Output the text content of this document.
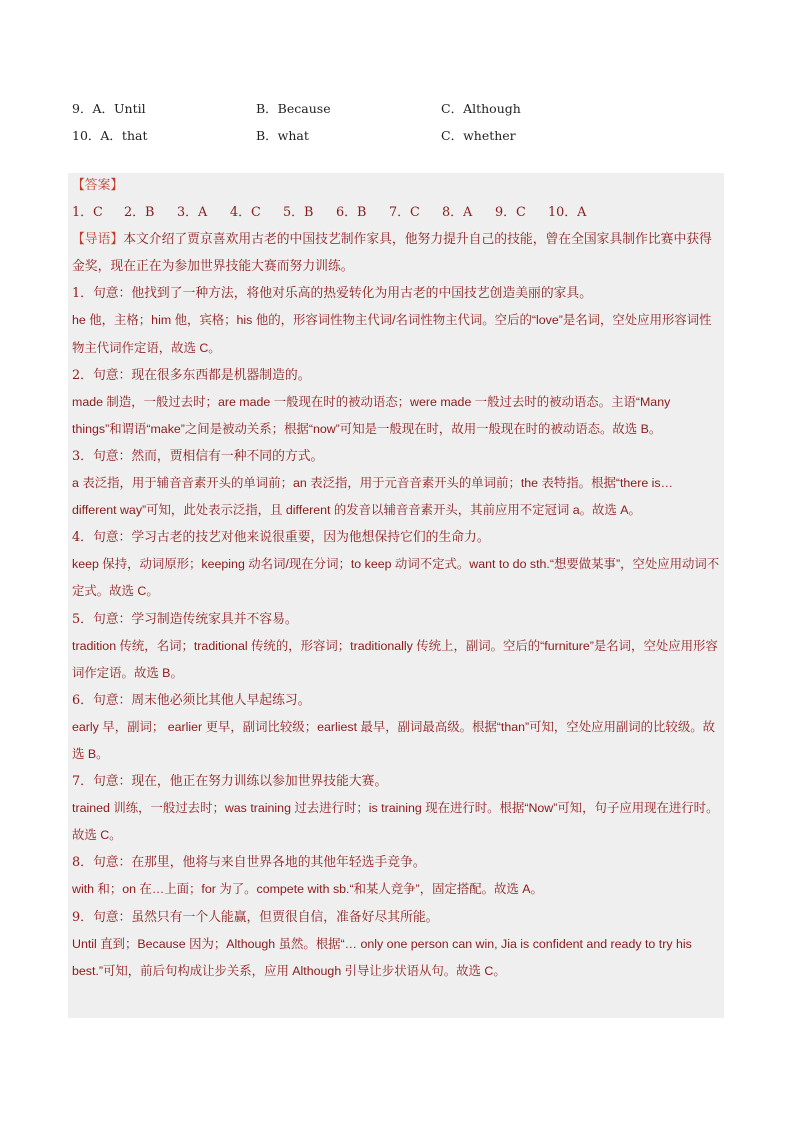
9．A．Until	B．Because	C．Although
10．A．that	B．what	C．whether

【答案】

1．C 2．B 3．A 4．C 5．B 6．B 7．C 8．A 9．C 10．A

【导语】本文介绍了贾京喜欢用古老的中国技艺制作家具，他努力提升自己的技能，曾在全国家具制作比赛中获得金奖，现在正在为参加世界技能大赛而努力训练。

1．句意：他找到了一种方法，将他对乐高的热爱转化为用古老的中国技艺创造美丽的家具。

he 他，主格；him 他，宾格；his 他的，形容词性物主代词/名词性物主代词。空后的“love”是名词，空处应用形容词性物主代词作定语，故选 C。

2．句意：现在很多东西都是机器制造的。

made 制造，一般过去时；are made 一般现在时的被动语态；were made 一般过去时的被动语态。主语“Many things”和谓语“make”之间是被动关系；根据“now”可知是一般现在时，故用一般现在时的被动语态。故选 B。

3．句意：然而，贾相信有一种不同的方式。

a 表泛指，用于辅音音素开头的单词前；an 表泛指，用于元音音素开头的单词前；the 表特指。根据“there is… different way”可知，此处表示泛指，且 different 的发音以辅音音素开头，其前应用不定冠词 a。故选 A。

4．句意：学习古老的技艺对他来说很重要，因为他想保持它们的生命力。

keep 保持，动词原形；keeping 动名词/现在分词；to keep 动词不定式。want to do sth.“想要做某事”，空处应用动词不定式。故选 C。

5．句意：学习制造传统家具并不容易。

tradition 传统，名词；traditional 传统的，形容词；traditionally 传统上，副词。空后的“furniture”是名词，空处应用形容词作定语。故选 B。

6．句意：周末他必须比其他人早起练习。

early 早，副词； earlier 更早，副词比较级；earliest 最早，副词最高级。根据“than”可知，空处应用副词的比较级。故选 B。

7．句意：现在，他正在努力训练以参加世界技能大赛。

trained 训练，一般过去时；was training 过去进行时；is training 现在进行时。根据“Now”可知，句子应用现在进行时。故选 C。

8．句意：在那里，他将与来自世界各地的其他年轻选手竞争。

with 和；on 在…上面；for 为了。compete with sb.“和某人竞争”，固定搭配。故选 A。

9．句意：虽然只有一个人能赢，但贾很自信，准备好尽其所能。

Until 直到；Because 因为；Although 虽然。根据“… only one person can win, Jia is confident and ready to try his best.”可知，前后句构成让步关系，应用 Although 引导让步状语从句。故选 C。
